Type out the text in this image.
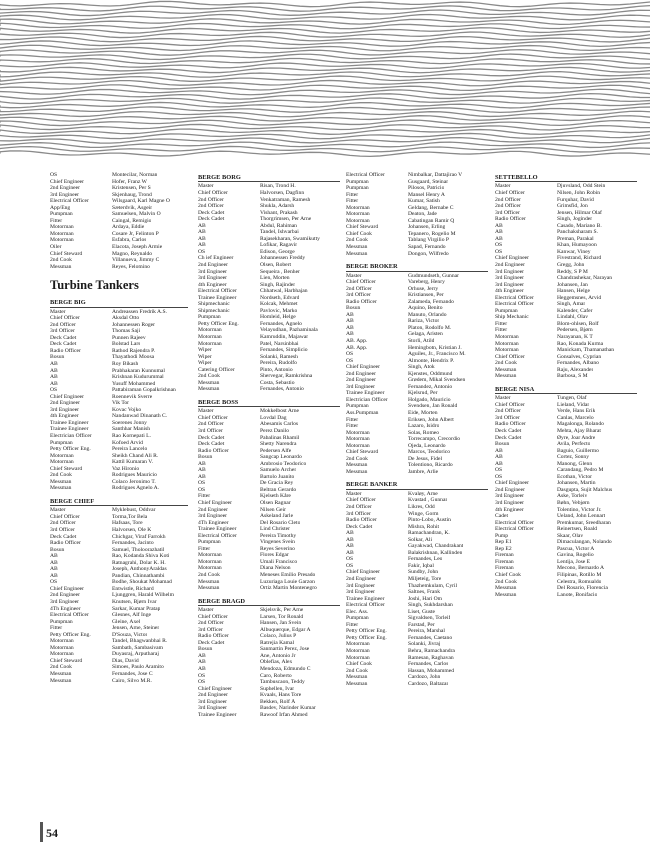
OS	Montecilar, Norman
Chief Engineer	Hofer, Franz W
2nd Engineer	Kristensen, Per S
3rd Engineer	Skjenhaug, Trond
Electrical Officer	Wilsgaard, Karl Magne O
App/Eng	Sæterdvik, Asgeir
Pumpman	Samuelsen, Malvin O
Fitter	Caingal, Remigio
Motorman	Ardaya, Eddie
Motorman	Cosare Jr, Felinton P
Motorman	Esfabra, Carlos
Oiler	Elacota, Joseph Armie
Chief Steward	Magno, Reynaldo
2nd Cook	Villanueva, Jimmy C
Messman	Reyes, Felomino
Turbine Tankers
BERGE BIG
Master	Andreassen Fredrik A.S.
Chief Officer	Aksdal Otto
2nd Officer	Johannessen Roger
3rd Officer	Thomas Saji
Deck Cadet	Punnen Rajeev
Deck Cadet	Bolstad Lars
Radio Officer	Rathod Rajendra P.
Bosun	Thayathodi Moosa
AB	Roy Bikash
AB	Prabhakaran Kunnumal
AB	Krishnan Kudurummal
AB	Yusuff Mohammed
OS	Pattabiraman Gopalkrishnan
Chief Engineer	Roennevik Sverre
2nd Engineer	Vik Tor
3rd Engineer	Kovac Vojko
4th Engineer	Nandanwad Dinanath C.
Trainee Engineer	Soerenes Jonny
Trainee Engineer	Santhhar Manish
Electrician Officer	Rao Kornepati L.
Pumpman	Kofoed Arvid
Petty Officer Eng.	Pereira Lancelo
Motorman	Sheikh Chand Ali R.
Motorman	Kattil Kumaran V.
Chief Steward	Vaz Hironio
2nd Cook	Rodrigues Mauricio
Messman	Colaco Jeronimo T.
Messman	Rodrigues Agnelo A.
BERGE CHIEF
Master	Myklebust, Oddvar
Chief Officer	Torma,Tor Bela
2nd Officer	Hafsaas, Tore
3rd Officer	Halvorsen, Ole K
Deck Cadet	Chichgar, Viraf Farrokh
Radio Officer	Fernandes, Jacinto
Bosun	Samuel, Tholoorazhatil
AB	Rao, Kodanda Shiva Koti
AB	Ratnagrahi, Dolar K. H.
AB	Joseph, AnthonyAraldas
AB	Pandian, Chinnathambi
OS	Bodhe, Shoukat Mohamad
Chief Engineer	Entwistle, Richard
2nd Engineer	Ljunggren, Harald Wilhelm
3rd Engineer	Knutsen, Bjørn Ivar
4Th Engineer	Sarkar, Kumar Pratap
Electrical Officer	Glesnes, Alf Inge
Pumpman	Gleine, Axel
Fitter	Jensen, Arne, Steiner
Petty Officer Eng.	D'Souza, Victor
Motorman	Tandel, Bhagwanbhai R.
Motorman	Sambath, Sambasivam
Motorman	Duyasraj, Arputharaj
Chief Steward	Dias, David
2nd Cook	Simoes, Paulo Aramito
Messman	Fernandes, Jose C
Messman	Cairo, Silvo M.R.
BERGE BORG
Master	Risan, Trond H.
Chief Officer	Halvorsen, Dagfinn
2nd Officer	Venkatraman, Ramesh
2nd Officer	Shukla, Adarsh
Deck Cadet	Vishant, Prakash
Deck Cadet	Thorgrimsen, Per Arne
AB	Abdul, Rahiman
AB	Tandel, Ishvarbai
AB	Rajasekharan, Swamikutty
AB	Lofikar, Ragavir
OS	Edison, George
Ch ief Engineer	Johannessen Freddy
2nd Engineer	Olsen, Robert
3rd Engineer	Sequeira , Benher
3rd Engineer	Lien, Morten
4th Engineer	Singh, Rajinder
Electrical Officer	Chhatwal, Harbhajan
Trainee Engineer	Nordseth, Edvard
Shipmechanic	Kolcak, Mehmet
Shipmechanic	Pavlovic, Marko
Pumpman	Homleid, Helge
Petty Officer Eng.	Fernandes, Agnelo
Motorman	Velayudhan, Pazhaminala
Motorman	Kamruddin, Majawar
Motorman	Patel, Narsinbhai
Wiper	Fernandes, Simplicio
Wiper	Solanki, Ramesh
Wiper	Pereira, Rudolfo
Catering Officer	Pinto, Antonio
2nd Cook	Shervegar, Ramkrishna
Messman	Costa, Sebastio
Messman	Fernandes, Antonio
BERGE BOSS
Master	Mokkelbost Arne
Chief Officer	Lovdal Dag
2nd Officer	Abesamis Carlos
3rd Officer	Perez Danilo
Deck Cadet	Pabalinas Rhamil
Deck Cadet	Shetty Narendra
Radio Officer	Pedersen Alfe
Bosun	Sangcap Leonardo
AB	Ambrosio Teodorico
AB	Samuelo Archer
AB	Bartolo Juanito
OS	De Gracia Rey
OS	Beltran Gerardo
Fitter	Kjelseth Kåre
Chief Engineer	Olsen Ragnar
2nd Engineer	Nilsen Geir
3rd Engineer	Askeland Jarle
4Th Engineer	Del Rosario Cleto
Trainee Engineer	Lind Christer
Electrical Officer	Pereira Timothy
Pumpman	Vingenes Svein
Fitter	Reyes Severino
Motorman	Flores Edgar
Motorman	Umali Francisco
Motorman	Diana Nelson
2nd Cook	Meneses Emilio Presado
Messman	Luzuriaga Louie Garzon
Messman	Ortiz Martin Montenegro
BERGE BRAGD
Master	Skjelsvik, Per Arne
Chief Officer	Larsen, Tor Ronald
2nd Officer	Hansen, Jan Svein
3rd Officer	Albuquerque, Edgar A
Radio Officer	Colaco, Julius P
Deck Cadet	Ratrejia Kamal
Bosun	Sanmartin Perez, Jose
AB	Ane, Antonio Jr
AB	Oblefias, Alex
AB	Mendoza, Edmundo C
OS	Caro, Roberto
OS	Tambuscaon, Teddy
Chief Engineer	Suphellen, Ivar
2nd Engineer	Kvaals, Hans Tore
3rd Engineer	Bekken, Rolf Å
3rd Engineer	Basdev, Narinder Kumar
Trainee Engineer	Rawoof Irfan Ahmed
Electrical Officer	Nimbalkar, Dattajirao V
Pumpman	Gusgaard, Steinar
Pumpman	Pilosos, Patricio
Fitter	Mansel Henry A
Fitter	Kumar, Satish
Motorman	Geldang, Bernabe C
Motorman	Deaton, Jade
Motorman	Cabatingan Ramir Q
Chief Steward	Johansen, Erling
Chief Cook	Tepanero, Rogelio M
2nd Cook	Tablang Virgilio P
Messman	Sapad, Fernando
Messman	Dongon, Wilfredo
BERGE BROKER
Master	Gudmundseth, Gunnar
Chief Officer	Vareberg, Henry
2nd Officer	Orhuse, Jerry
3rd Officer	Kristiansen, Per
Radio Officer	Zalameda, Fernando
Bosun	Aquino, Benito
AB	Manuto, Orlando
AB	Rariza, Victor
AB	Platon, Rodolfo M.
AB	Gelaga, Aristen
AB. App.	Storli, Atild
AB. App.	Hemingbotn, Kristian J.
OS	Aguiles, Jr., Francisco M.
OS	Almonte, Hendrix P.
Chief Engineer	Singh, Atok
2nd Engineer	Kjenstes, Oddmund
2nd Engineer	Grødem, Mikal Svendsen
3rd Engineer	Fernandez, Antonio
Trainee Engineer	Kjelsrud, Per
Electrician Officer	Holgado, Mauricio
Pumpman	Svendsen, Jan Ronald
Ass.Pumpman	Eide, Morten
Fitter	Eriksen, John Albert
Fitter	Lazaro, Isidro
Motorman	Solas, Romeo
Motorman	Torrecampo, Crecordio
Motorman	Ojeda, Leonardo
Chief Steward	Marcos, Teodorico
2nd Cook	De Jesus, Fidel
Messman	Tolentiono, Ricardo
Messman	Jambre, Arlie
BERGE BANKER
Master	Kvaløy, Arne
Chief Officer	Kvastad , Gunnar
2nd Officer	Likres, Odd
3rd Officer	Winge, Gorm
Radio Officer	Pinto-Lobo, Austin
Deck Cadet	Mishra, Rohit
AB	Ramachandran, K.
AB	Solkar, Ali
AB	Gayakwad, Chandrakant
AB	Balakrishnan, Kallinden
OS	Fernandes, Leo
OS	Fakir, Iqbal
Chief Engineer	Sundby, John
2nd Engineer	Miljeteig, Tore
3rd Engineer	Thazhemkulam, Cyril
3rd Engineer	Saltnes, Frank
Trainee Engineer	Joshi, Hari Om
Electrical Officer	Singh, Sukhdarshan
Elec. Ass.	Liset, Guste
Pumpman	Sigvaldsen, Torleif
Fitter	Farstad, Per
Petty Officer Eng.	Pereira, Marshal
Petty Officer Eng.	Fernandes, Caetano
Motorman	Solanki, Jivraj
Motorman	Behra, Ramachandra
Motorman	Ramesan, Raghavan
Chief Cook	Fernandes, Carlos
2nd Cook	Hassan, Mohammed
Messman	Cardozo, John
Messman	Cardozo, Baltazar
SETTEBELLO
Master	Djuvsland, Odd Stein
Chief Officer	Nilsen, John Robin
2nd Officer	Furquhar, David
2nd Officer	Grimsfid, Jon
3rd Officer	Jensen, Hilmar Olaf
Radio Officer	Singh, Joginder
AB	Casado, Mariano B.
AB	Panchaksharam S.
AB	Preman, Parakal
OS	Khan, Humayoon
OS	Kanwar, Viney
Chief Engineer	Fivestrand, Richard
2nd Engineer	Gregg, John
3rd Engineer	Reddy, S P M
3rd Engineer	Chandrashekar, Narayan
3rd Engineer	Johansen, Jan
4th Engineer	Hansen, Helge
Electrical Officer	Heggemsnes, Arvid
Electrical Officer	Singh, Amar
Pumpman	Kalender, Cafer
Ship Mechanic	Lindahl, Olav
Fitter	Blom-ohlsen, Rolf
Fitter	Pedersen, Bjørn
Motorman	Narayanan, K T
Motorman	Rao, Konada Kurma
Motorman	Manickam, Thamanathan
Chief Officer	Gonsalves, Cyprian
2nd Cook	Fernandes, Albano
Messman	Raju, Alexander
Messman	Barbosa, S M
BERGE NISA
Master	Tungen, Olaf
Chief Officer	Lieland, Vidar
2nd Officer	Verde, Hans Erik
3rd Officer	Canlas, Marcelo
Radio Officer	Magalonga, Rolando
Deck Cadet	Mehta, Ajay Bharat
Deck Cadet	Øyre, Joar Andre
Bosun	Avila, Perfecto
AB	Baguio, Guillermo
AB	Cortez, Sonny
AB	Manong, Glenn
OS	Carandang, Pedro M
OS	Ecothan, Victor
Chief Engineer	Johansen, Martin
2nd Engineer	Dasgupta, Sujit Malchus
3rd Engineer	Aske, Torleiv
3rd Engineer	Bøhn, Vebjørn
4th Engineer	Tolentino, Victor Jr.
Cadet	Ueland, John Lennart
Electrical Officer	Premkumar, Sreedharan
Electrical Officer	Reinertsen, Roald
Pump	Skaar, Olav
Rep E1	Dimaculangan, Nolando
Rep E2	Pascua, Victor A
Fireman	Gavina, Rogelio
Fireman	Lentija, Jose E
Fireman	Mecono, Bernardo A
Chief Cook	Filipinas, Rotillo M
2nd Cook	Celestra, Romualdo
Messman	Del Rosario, Florencia
Messman	Lanote, Bonifacio
54
